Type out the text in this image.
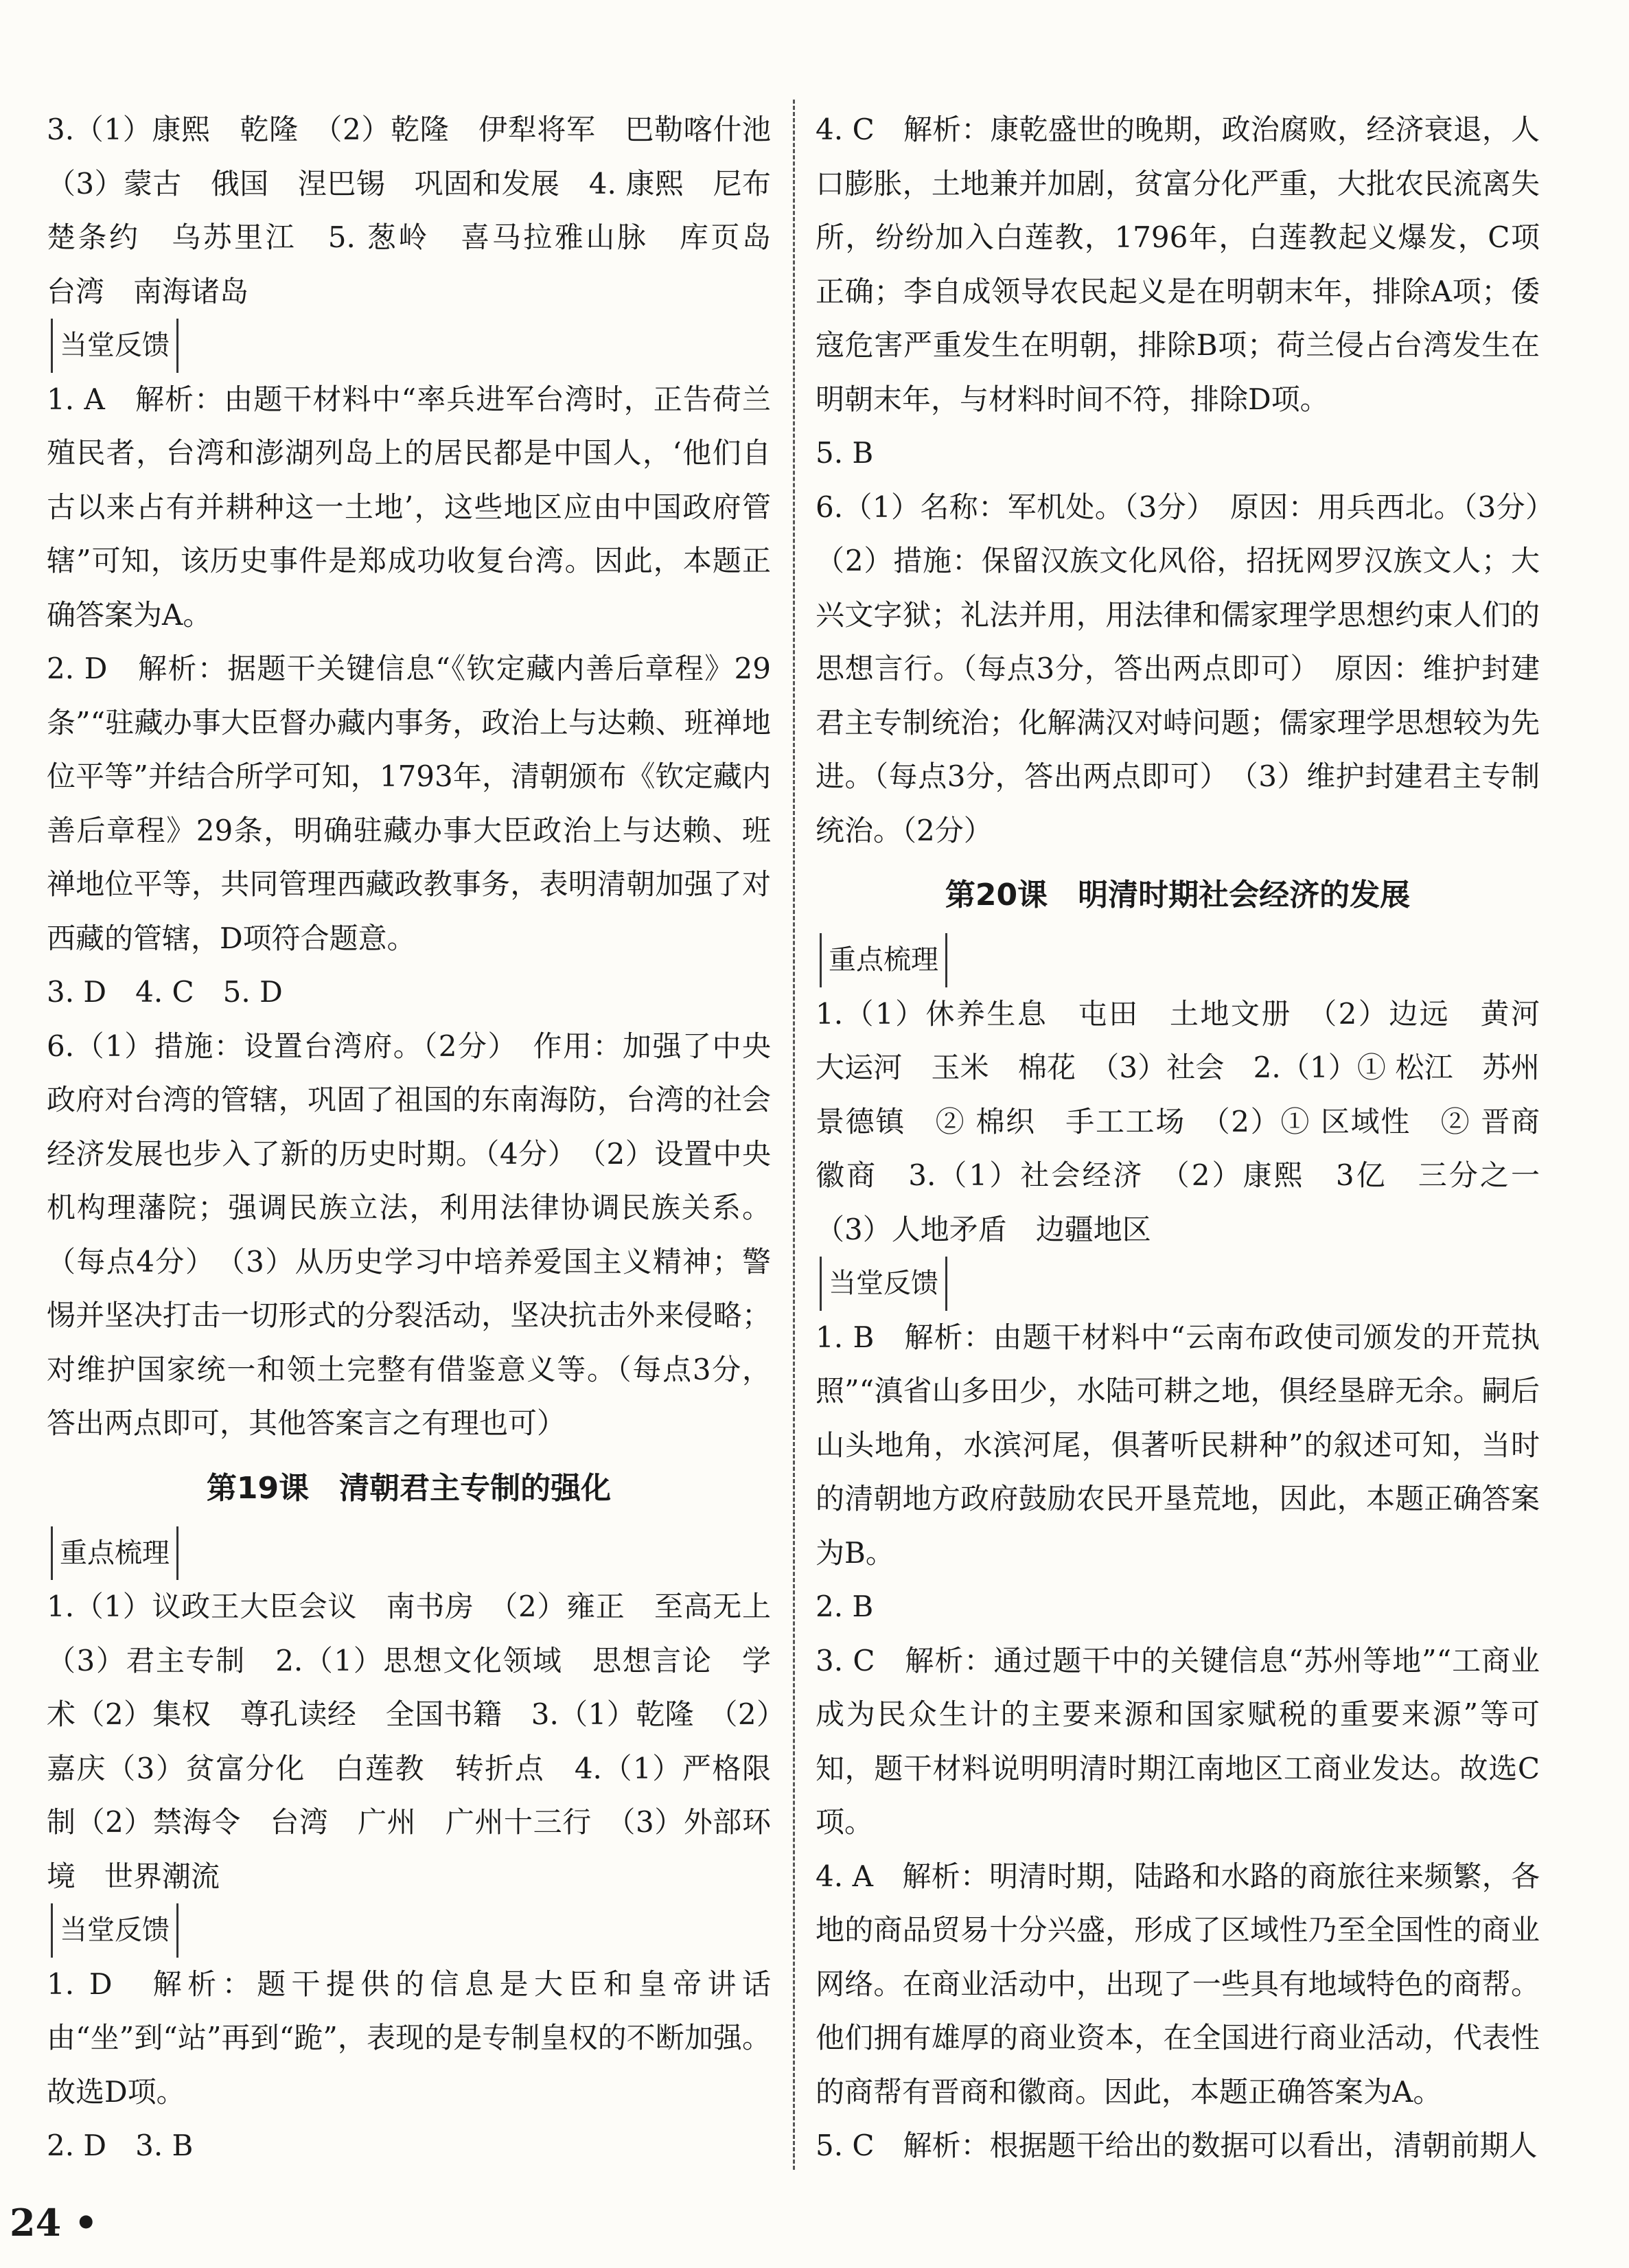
3.（1）康熙　乾隆　（2）乾隆　伊犁将军　巴勒喀什池（3）蒙古　俄国　涅巴锡　巩固和发展　4. 康熙　尼布楚条约　乌苏里江　5. 葱岭　喜马拉雅山脉　库页岛　台湾　南海诸岛

当堂反馈

1. A　解析：由题干材料中“率兵进军台湾时，正告荷兰殖民者，台湾和澎湖列岛上的居民都是中国人，‘他们自古以来占有并耕种这一土地’，这些地区应由中国政府管辖”可知，该历史事件是郑成功收复台湾。因此，本题正确答案为A。

2. D　解析：据题干关键信息“《钦定藏内善后章程》29条”“驻藏办事大臣督办藏内事务，政治上与达赖、班禅地位平等”并结合所学可知，1793年，清朝颁布《钦定藏内善后章程》29条，明确驻藏办事大臣政治上与达赖、班禅地位平等，共同管理西藏政教事务，表明清朝加强了对西藏的管辖，D项符合题意。

3. D　4. C　5. D

6.（1）措施：设置台湾府。（2分）　作用：加强了中央政府对台湾的管辖，巩固了祖国的东南海防，台湾的社会经济发展也步入了新的历史时期。（4分）　（2）设置中央机构理藩院；强调民族立法，利用法律协调民族关系。（每点4分）　（3）从历史学习中培养爱国主义精神；警惕并坚决打击一切形式的分裂活动，坚决抗击外来侵略；对维护国家统一和领土完整有借鉴意义等。（每点3分，答出两点即可，其他答案言之有理也可）

第19课　清朝君主专制的强化
重点梳理

1.（1）议政王大臣会议　南书房　（2）雍正　至高无上（3）君主专制　2.（1）思想文化领域　思想言论　学术（2）集权　尊孔读经　全国书籍　3.（1）乾隆　（2）嘉庆（3）贫富分化　白莲教　转折点　4.（1）严格限制（2）禁海令　台湾　广州　广州十三行　（3）外部环境　世界潮流

当堂反馈

1. D　解析：题干提供的信息是大臣和皇帝讲话由“坐”到“站”再到“跪”，表现的是专制皇权的不断加强。故选D项。

2. D　3. B

4. C　解析：康乾盛世的晚期，政治腐败，经济衰退，人口膨胀，土地兼并加剧，贫富分化严重，大批农民流离失所，纷纷加入白莲教，1796年，白莲教起义爆发，C项正确；李自成领导农民起义是在明朝末年，排除A项；倭寇危害严重发生在明朝，排除B项；荷兰侵占台湾发生在明朝末年，与材料时间不符，排除D项。

5. B

6.（1）名称：军机处。（3分）　原因：用兵西北。（3分）（2）措施：保留汉族文化风俗，招抚网罗汉族文人；大兴文字狱；礼法并用，用法律和儒家理学思想约束人们的思想言行。（每点3分，答出两点即可）　原因：维护封建君主专制统治；化解满汉对峙问题；儒家理学思想较为先进。（每点3分，答出两点即可）　（3）维护封建君主专制统治。（2分）

第20课　明清时期社会经济的发展
重点梳理

1.（1）休养生息　屯田　土地文册　（2）边远　黄河　大运河　玉米　棉花　（3）社会　2.（1）① 松江　苏州　景德镇　② 棉织　手工工场　（2）① 区域性　② 晋商　徽商　3.（1）社会经济　（2）康熙　3亿　三分之一（3）人地矛盾　边疆地区

当堂反馈

1. B　解析：由题干材料中“云南布政使司颁发的开荒执照”“滇省山多田少，水陆可耕之地，俱经垦辟无余。嗣后山头地角，水滨河尾，俱著听民耕种”的叙述可知，当时的清朝地方政府鼓励农民开垦荒地，因此，本题正确答案为B。

2. B

3. C　解析：通过题干中的关键信息“苏州等地”“工商业成为民众生计的主要来源和国家赋税的重要来源”等可知，题干材料说明明清时期江南地区工商业发达。故选C项。

4. A　解析：明清时期，陆路和水路的商旅往来频繁，各地的商品贸易十分兴盛，形成了区域性乃至全国性的商业网络。在商业活动中，出现了一些具有地域特色的商帮。他们拥有雄厚的商业资本，在全国进行商业活动，代表性的商帮有晋商和徽商。因此，本题正确答案为A。

5. C　解析：根据题干给出的数据可以看出，清朝前期人

24 •
